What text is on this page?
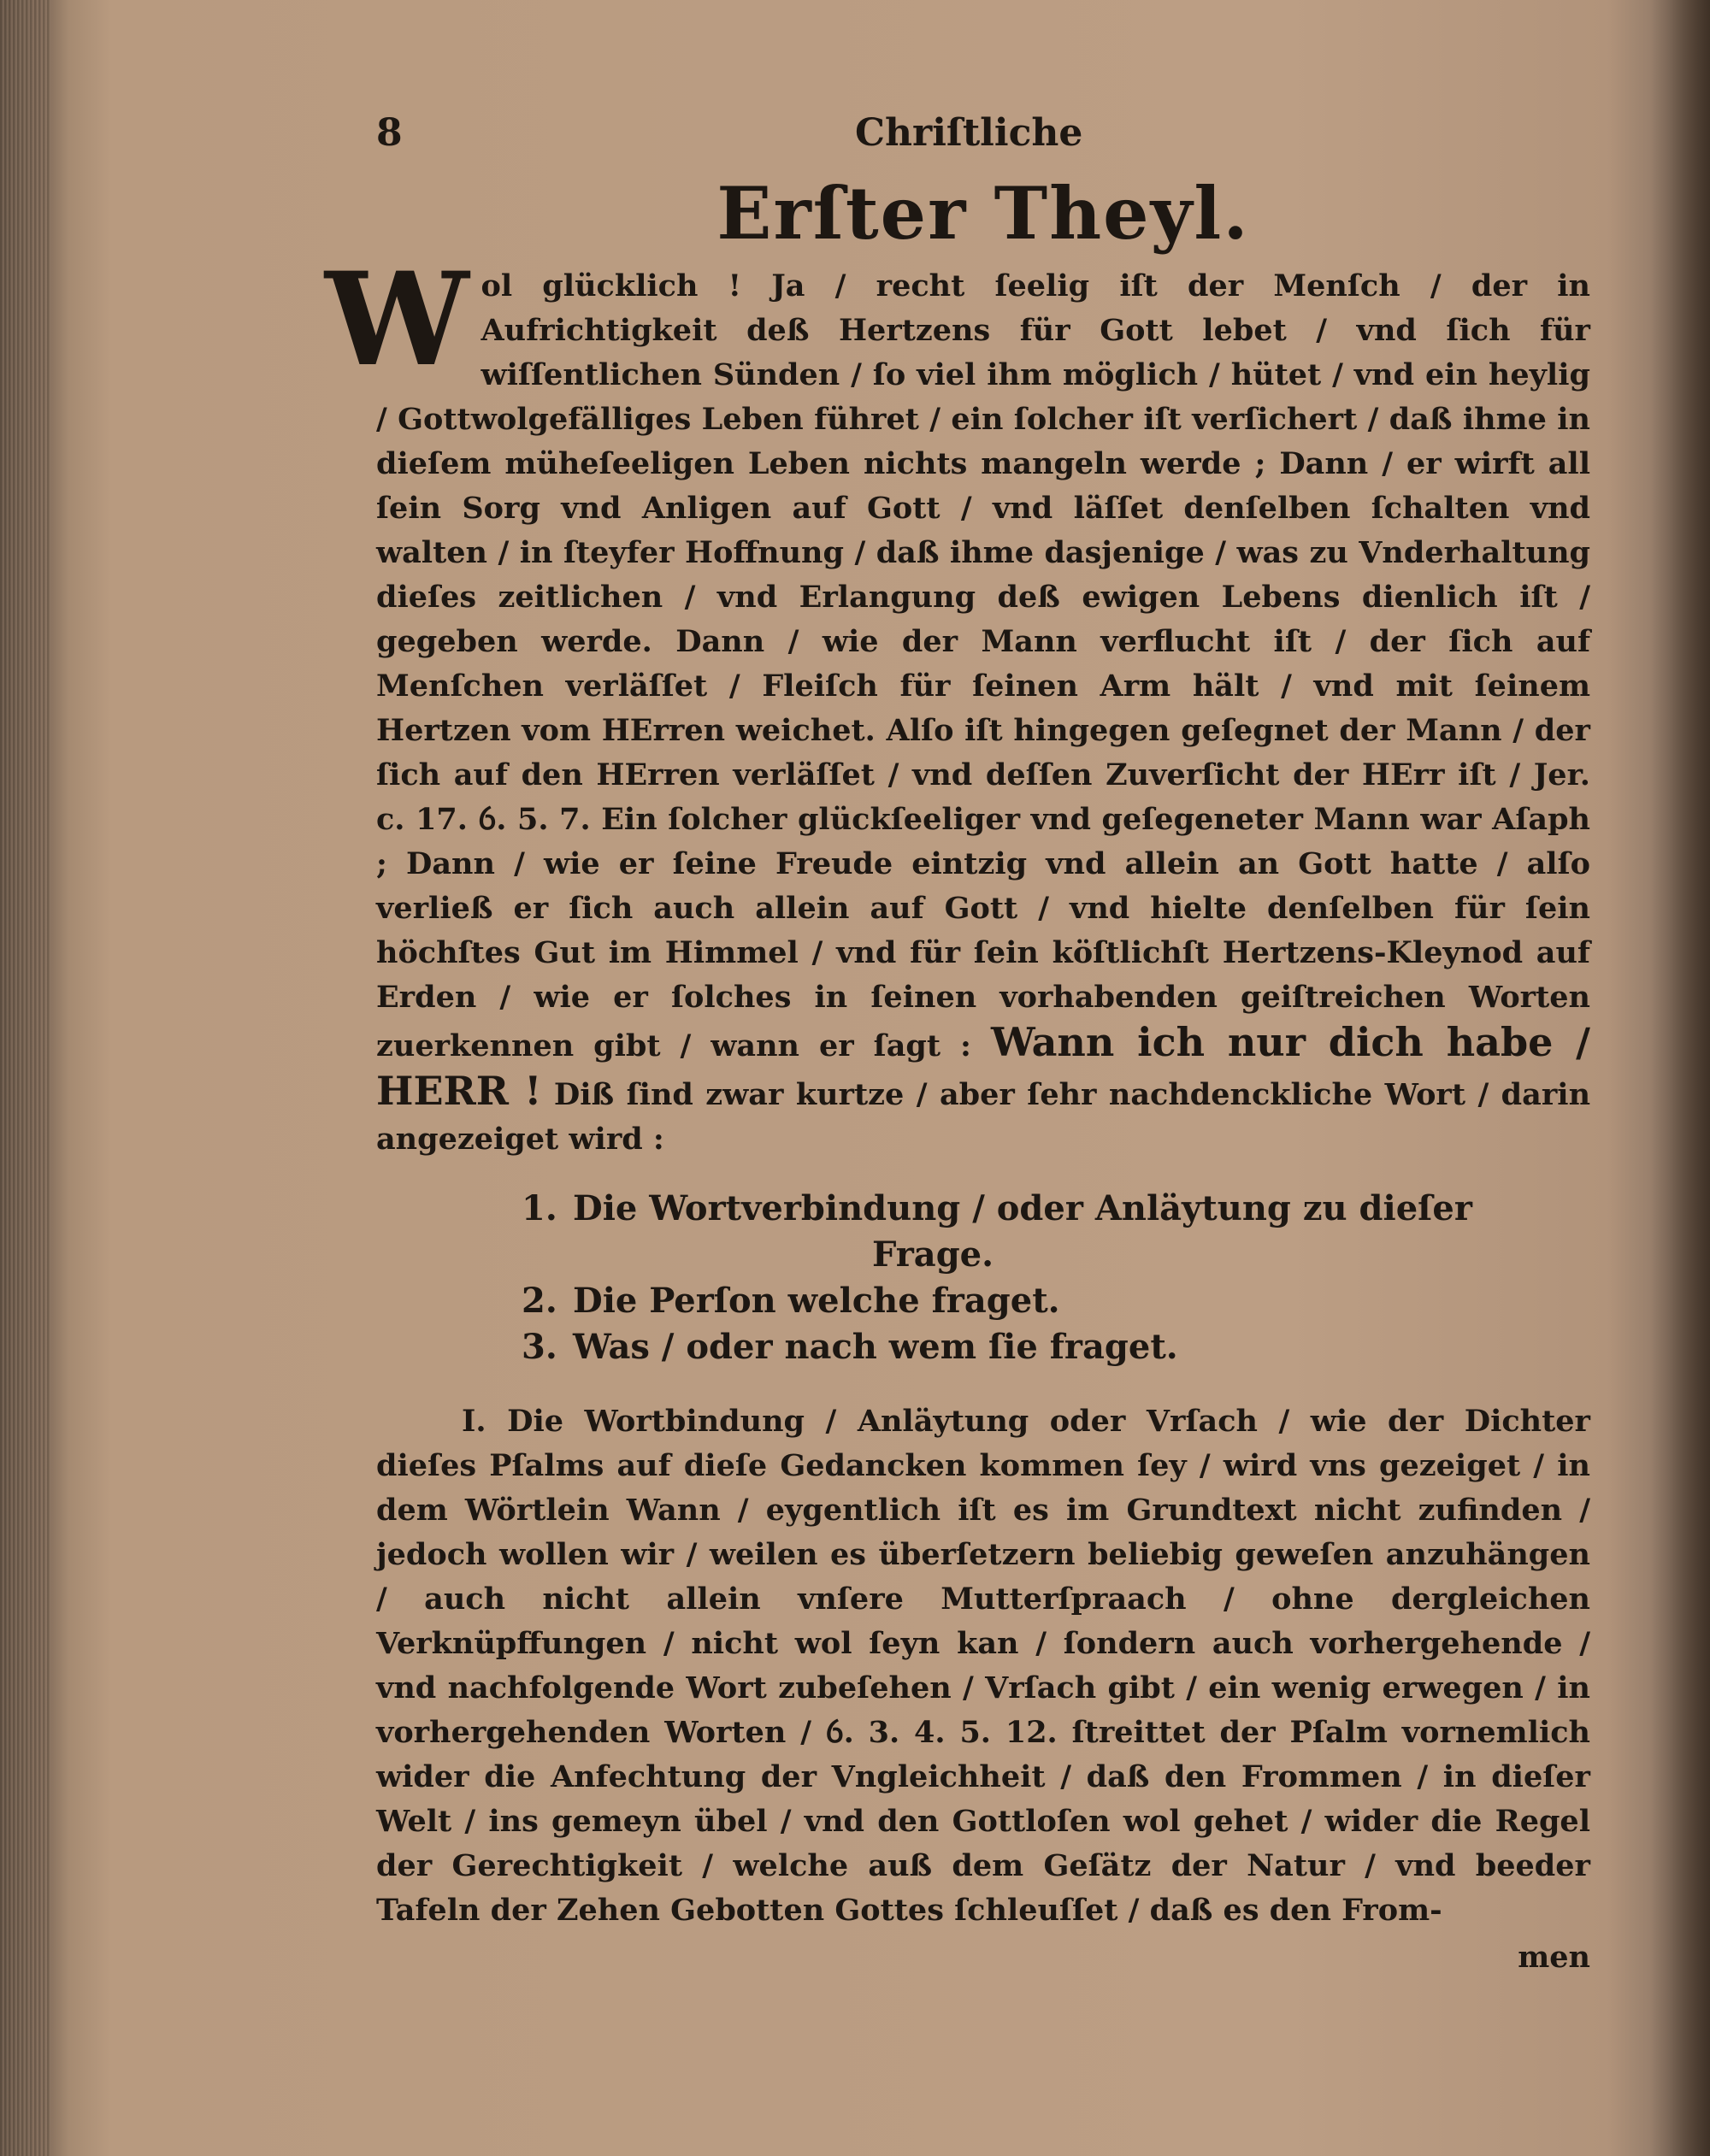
8	Chriſtliche
Erſter Theyl.

W ol glücklich ! Ja / recht ſeelig iſt der Menſch / der in Aufrichtigkeit deß Hertzens für Gott lebet / vnd ſich für wiſſentlichen Sünden / ſo viel ihm möglich / hütet / vnd ein heylig / Gottwolgefälliges Leben führet / ein ſolcher iſt verſichert / daß ihme in dieſem müheſeeligen Leben nichts mangeln werde ; Dann / er wirft all ſein Sorg vnd Anligen auf Gott / vnd läſſet denſelben ſchalten vnd walten / in ſteyfer Hoffnung / daß ihme dasjenige / was zu Vnderhaltung dieſes zeitlichen / vnd Erlangung deß ewigen Lebens dienlich iſt / gegeben werde. Dann / wie der Mann verflucht iſt / der ſich auf Menſchen verläſſet / Fleiſch für ſeinen Arm hält / vnd mit ſeinem Hertzen vom HErren weichet. Alſo iſt hingegen geſegnet der Mann / der ſich auf den HErren verläſſet / vnd deſſen Zuverſicht der HErr iſt / Jer. c. 17. ỽ. 5. 7. Ein ſolcher glückſeeliger vnd geſegeneter Mann war Aſaph ; Dann / wie er ſeine Freude eintzig vnd allein an Gott hatte / alſo verließ er ſich auch allein auf Gott / vnd hielte denſelben für ſein höchſtes Gut im Himmel / vnd für ſein köſtlichſt Hertzens-Kleynod auf Erden / wie er ſolches in ſeinen vorhabenden geiſtreichen Worten zuerkennen gibt / wann er ſagt : Wann ich nur dich habe / HERR ! Diß ſind zwar kurtze / aber ſehr nachdenckliche Wort / darin angezeiget wird :

1. Die Wortverbindung / oder Anläytung zu dieſer
Frage.
2. Die Perſon welche fraget.
3. Was / oder nach wem ſie fraget.

I. Die Wortbindung / Anläytung oder Vrſach / wie der Dichter dieſes Pſalms auf dieſe Gedancken kommen ſey / wird vns gezeiget / in dem Wörtlein Wann / eygentlich iſt es im Grundtext nicht zufinden / jedoch wollen wir / weilen es überſetzern beliebig geweſen anzuhängen / auch nicht allein vnſere Mutterſpraach / ohne dergleichen Verknüpffungen / nicht wol ſeyn kan / ſondern auch vorhergehende / vnd nachfolgende Wort zubeſehen / Vrſach gibt / ein wenig erwegen / in vorhergehenden Worten / ỽ. 3. 4. 5. 12. ſtreittet der Pſalm vornemlich wider die Anfechtung der Vngleichheit / daß den Frommen / in dieſer Welt / ins gemeyn übel / vnd den Gottloſen wol gehet / wider die Regel der Gerechtigkeit / welche auß dem Geſätz der Natur / vnd beeder Tafeln der Zehen Gebotten Gottes ſchleuſſet / daß es den From-

men
